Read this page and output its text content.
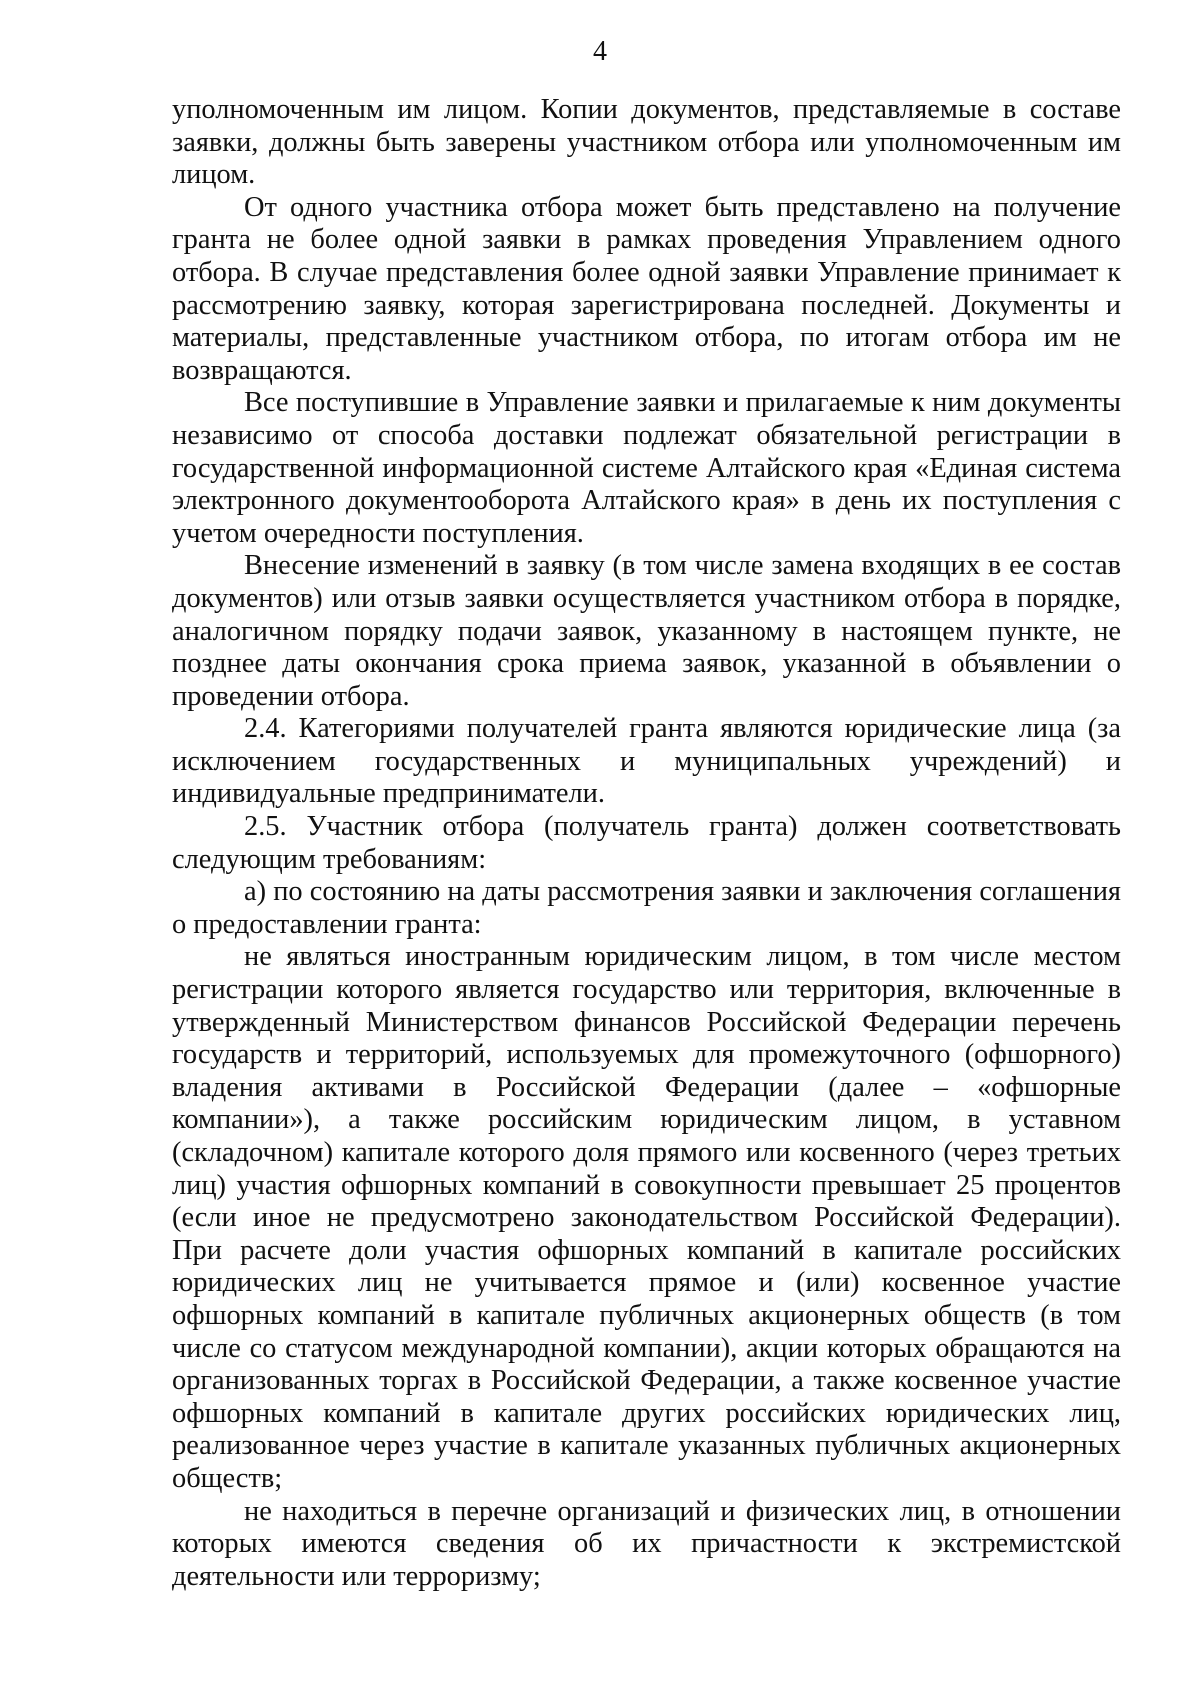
4

уполномоченным им лицом. Копии документов, представляемые в составе заявки, должны быть заверены участником отбора или уполномоченным им лицом.

От одного участника отбора может быть представлено на получение гранта не более одной заявки в рамках проведения Управлением одного отбора. В случае представления более одной заявки Управление принимает к рассмотрению заявку, которая зарегистрирована последней. Документы и материалы, представленные участником отбора, по итогам отбора им не возвращаются.

Все поступившие в Управление заявки и прилагаемые к ним документы независимо от способа доставки подлежат обязательной регистрации в государственной информационной системе Алтайского края «Единая система электронного документооборота Алтайского края» в день их поступления с учетом очередности поступления.

Внесение изменений в заявку (в том числе замена входящих в ее состав документов) или отзыв заявки осуществляется участником отбора в порядке, аналогичном порядку подачи заявок, указанному в настоящем пункте, не позднее даты окончания срока приема заявок, указанной в объявлении о проведении отбора.

2.4. Категориями получателей гранта являются юридические лица (за исключением государственных и муниципальных учреждений) и индивидуальные предприниматели.

2.5. Участник отбора (получатель гранта) должен соответствовать следующим требованиям:

а) по состоянию на даты рассмотрения заявки и заключения соглашения о предоставлении гранта:

не являться иностранным юридическим лицом, в том числе местом регистрации которого является государство или территория, включенные в утвержденный Министерством финансов Российской Федерации перечень государств и территорий, используемых для промежуточного (офшорного) владения активами в Российской Федерации (далее – «офшорные компании»), а также российским юридическим лицом, в уставном (складочном) капитале которого доля прямого или косвенного (через третьих лиц) участия офшорных компаний в совокупности превышает 25 процентов (если иное не предусмотрено законодательством Российской Федерации). При расчете доли участия офшорных компаний в капитале российских юридических лиц не учитывается прямое и (или) косвенное участие офшорных компаний в капитале публичных акционерных обществ (в том числе со статусом международной компании), акции которых обращаются на организованных торгах в Российской Федерации, а также косвенное участие офшорных компаний в капитале других российских юридических лиц, реализованное через участие в капитале указанных публичных акционерных обществ;

не находиться в перечне организаций и физических лиц, в отношении которых имеются сведения об их причастности к экстремистской деятельности или терроризму;
